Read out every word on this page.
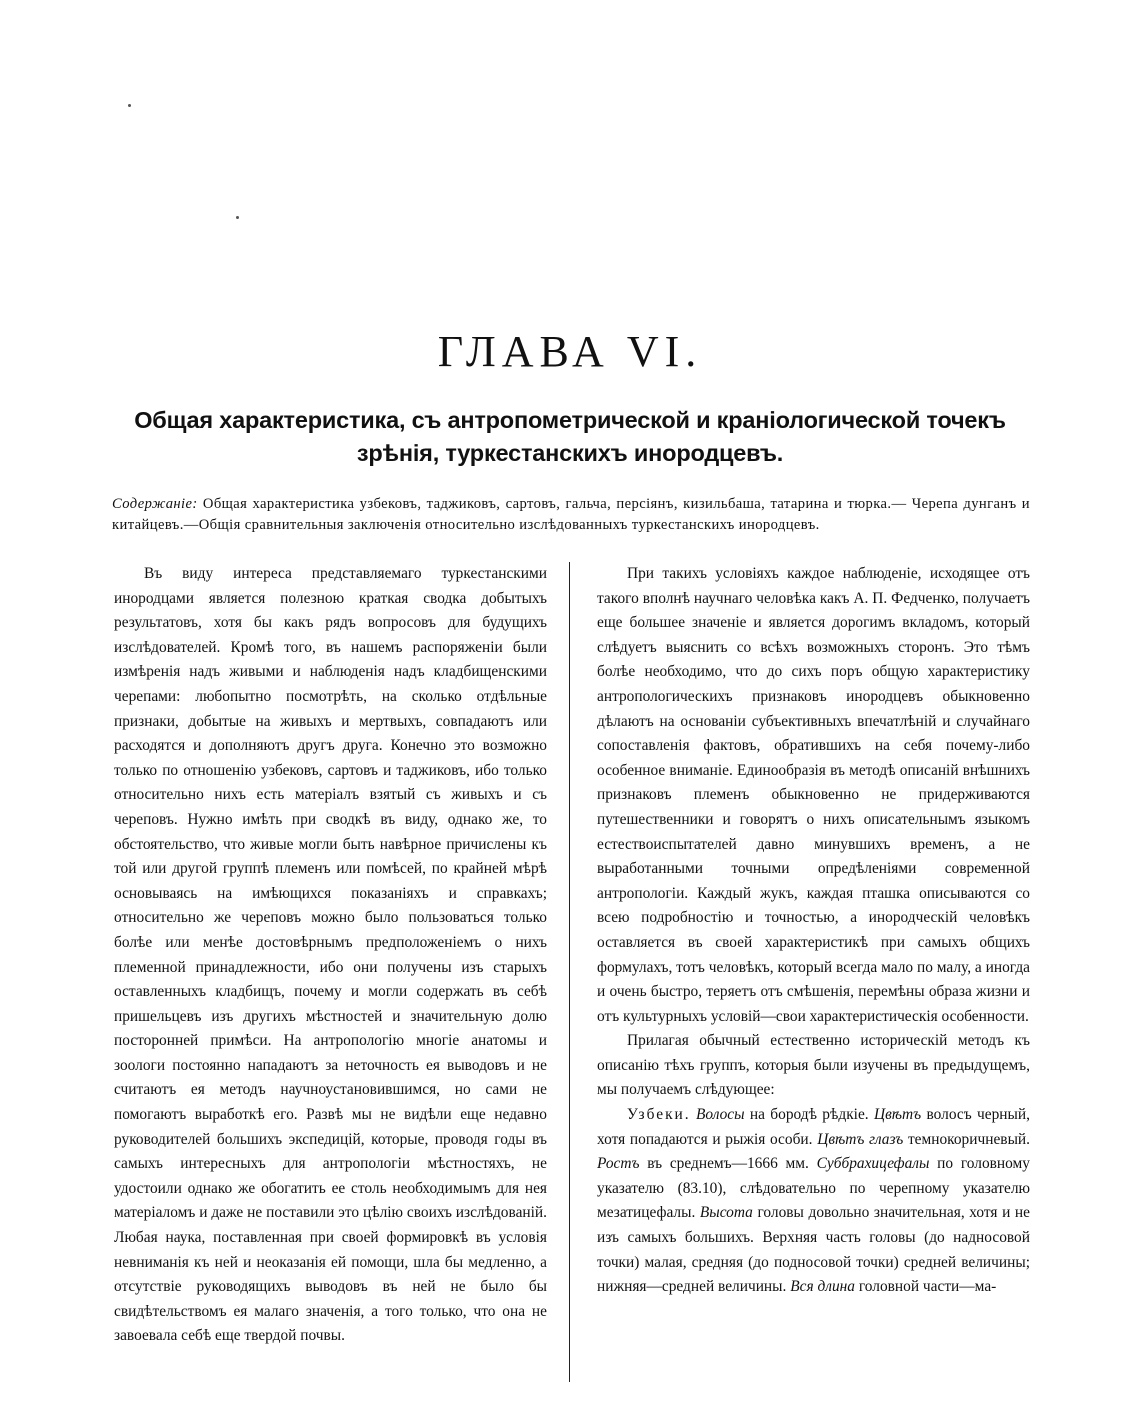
ГЛАВА VI.
Общая характеристика, съ антропометрической и краніологической точекъ зрѣнія, туркестанскихъ инородцевъ.

Содержаніе: Общая характеристика узбековъ, таджиковъ, сартовъ, гальча, персіянъ, кизильбаша, татарина и тюрка.— Черепа дунганъ и китайцевъ.—Общія сравнительныя заключенія относительно изслѣдованныхъ туркестанскихъ инородцевъ.

Въ виду интереса представляемаго туркестанскими инородцами является полезною краткая сводка добытыхъ результатовъ, хотя бы какъ рядъ вопросовъ для будущихъ изслѣдователей. Кромѣ того, въ нашемъ распоряженіи были измѣренія надъ живыми и наблюденія надъ кладбищенскими черепами: любопытно посмотрѣть, на сколько отдѣльные признаки, добытые на живыхъ и мертвыхъ, совпадаютъ или расходятся и дополняютъ другъ друга. Конечно это возможно только по отношенію узбековъ, сартовъ и таджиковъ, ибо только относительно нихъ есть матеріалъ взятый съ живыхъ и съ череповъ. Нужно имѣть при сводкѣ въ виду, однако же, то обстоятельство, что живые могли быть навѣрное причислены къ той или другой группѣ племенъ или помѣсей, по крайней мѣрѣ основываясь на имѣющихся показаніяхъ и справкахъ; относительно же череповъ можно было пользоваться только болѣе или менѣе достовѣрнымъ предположеніемъ о нихъ племенной принадлежности, ибо они получены изъ старыхъ оставленныхъ кладбищъ, почему и могли содержать въ себѣ пришельцевъ изъ другихъ мѣстностей и значительную долю посторонней примѣси. На антропологію многіе анатомы и зоологи постоянно нападаютъ за неточность ея выводовъ и не считаютъ ея методъ научноустановившимся, но сами не помогаютъ выработкѣ его. Развѣ мы не видѣли еще недавно руководителей большихъ экспедицій, которые, проводя годы въ самыхъ интересныхъ для антропологіи мѣстностяхъ, не удостоили однако же обогатить ее столь необходимымъ для нея матеріаломъ и даже не поставили это цѣлію своихъ изслѣдованій. Любая наука, поставленная при своей формировкѣ въ условія невниманія къ ней и неоказанія ей помощи, шла бы медленно, а отсутствіе руководящихъ выводовъ въ ней не было бы свидѣтельствомъ ея малаго значенія, а того только, что она не завоевала себѣ еще твердой почвы.

При такихъ условіяхъ каждое наблюденіе, исходящее отъ такого вполнѣ научнаго человѣка какъ А. П. Федченко, получаетъ еще большее значеніе и является дорогимъ вкладомъ, который слѣдуетъ выяснить со всѣхъ возможныхъ сторонъ. Это тѣмъ болѣе необходимо, что до сихъ поръ общую характеристику антропологическихъ признаковъ инородцевъ обыкновенно дѣлаютъ на основаніи субъективныхъ впечатлѣній и случайнаго сопоставленія фактовъ, обратившихъ на себя почему-либо особенное вниманіе. Единообразія въ методѣ описаній внѣшнихъ признаковъ племенъ обыкновенно не придерживаются путешественники и говорятъ о нихъ описательнымъ языкомъ естествоиспытателей давно минувшихъ временъ, а не выработанными точными опредѣленіями современной антропологіи. Каждый жукъ, каждая пташка описываются со всею подробностію и точностью, а инородческій человѣкъ оставляется въ своей характеристикѣ при самыхъ общихъ формулахъ, тотъ человѣкъ, который всегда мало по малу, а иногда и очень быстро, теряетъ отъ смѣшенія, перемѣны образа жизни и отъ культурныхъ условій—свои характеристическія особенности.

Прилагая обычный естественно историческій методъ къ описанію тѣхъ группъ, которыя были изучены въ предыдущемъ, мы получаемъ слѣдующее:

Узбеки. Волосы на бородѣ рѣдкіе. Цвѣтъ волосъ черный, хотя попадаются и рыжія особи. Цвѣтъ глазъ темнокоричневый. Ростъ въ среднемъ—1666 мм. Суббрахицефалы по головному указателю (83.10), слѣдовательно по черепному указателю мезатицефалы. Высота головы довольно значительная, хотя и не изъ самыхъ большихъ. Верхняя часть головы (до надносовой точки) малая, средняя (до подносовой точки) средней величины; нижняя—средней величины. Вся длина головной части—ма-
